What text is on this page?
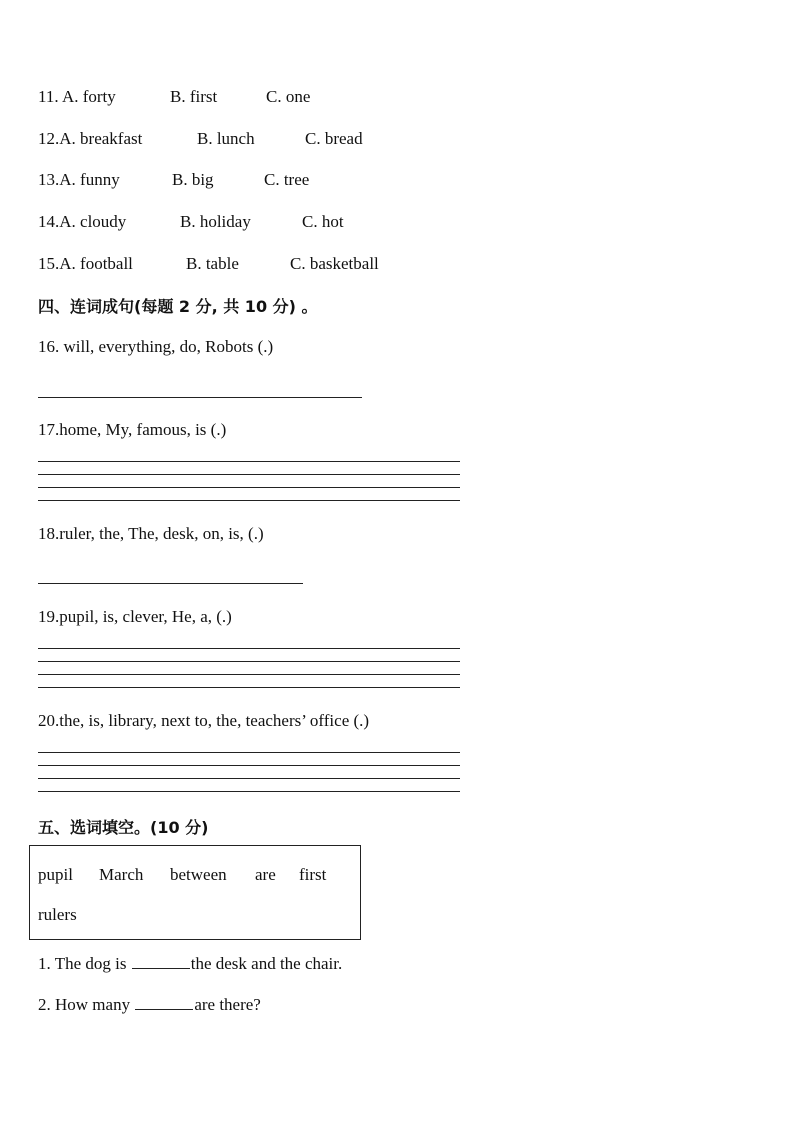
11. A. forty	B. first	C. one
12.A. breakfast	B. lunch	C. bread
13.A. funny	B. big	C. tree
14.A. cloudy	B. holiday	C. hot
15.A. football	B. table	C. basketball
四、连词成句(每题 2 分, 共 10 分) 。
16. will, everything, do, Robots (.)
17.home, My, famous, is (.)
18.ruler, the, The, desk, on, is, (.)
19.pupil, is, clever, He, a, (.)
20.the, is, library, next to, the, teachers’ office (.)
五、选词填空。(10 分)
pupil March between are first
rulers
1. The dog is	the desk and the chair.
2. How many	are there?
